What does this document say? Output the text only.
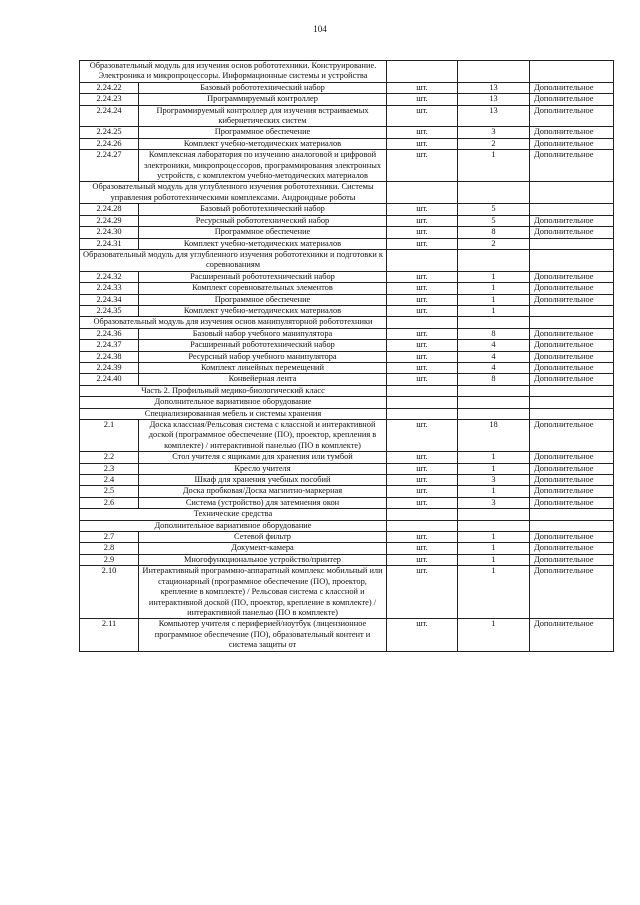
104
Образовательный модуль для изучения основ робототехники. Конструирование. Электроника и микропроцессоры. Информационные системы и устройства				
2.24.22	Базовый робототехнический набор	шт.	13	Дополнительное
2.24.23	Программируемый контроллер	шт.	13	Дополнительное
2.24.24	Программируемый контроллер для изучения встраиваемых кибернетических систем	шт.	13	Дополнительное
2.24.25	Программное обеспечение	шт.	3	Дополнительное
2.24.26	Комплект учебно-методических материалов	шт.	2	Дополнительное
2.24.27	Комплексная лаборатория по изучению аналоговой и цифровой электроники, микропроцессоров, программирования электронных устройств, с комплектом учебно-методических материалов	шт.	1	Дополнительное
Образовательный модуль для углубленного изучения робототехники. Системы управления робототехническими комплексами. Андроидные роботы				
2.24.28	Базовый робототехнический набор	шт.	5	
2.24.29	Ресурсный робототехнический набор	шт.	5	Дополнительное
2.24.30	Программное обеспечение	шт.	8	Дополнительное
2.24.31	Комплект учебно-методических материалов	шт.	2	
Образовательный модуль для углубленного изучения робототехники и подготовки к соревнованиям				
2.24.32	Расширенный робототехнический набор	шт.	1	Дополнительное
2.24.33	Комплект соревновательных элементов	шт.	1	Дополнительное
2.24.34	Программное обеспечение	шт.	1	Дополнительное
2.24.35	Комплект учебно-методических материалов	шт.	1	
Образовательный модуль для изучения основ манипуляторной робототехники				
2.24.36	Базовый набор учебного манипулятора	шт.	8	Дополнительное
2.24.37	Расширенный робототехнический набор	шт.	4	Дополнительное
2.24.38	Ресурсный набор учебного манипулятора	шт.	4	Дополнительное
2.24.39	Комплект линейных перемещений	шт.	4	Дополнительное
2.24.40	Конвейерная лента	шт.	8	Дополнительное
Часть 2. Профильный медико-биологический класс				
Дополнительное вариативное оборудование				
Специализированная мебель и системы хранения				
2.1	Доска классная/Рельсовая система с классной и интерактивной доской (программное обеспечение (ПО), проектор, крепления в комплекте) / интерактивной панелью (ПО в комплекте)	шт.	18	Дополнительное
2.2	Стол учителя с ящиками для хранения или тумбой	шт.	1	Дополнительное
2.3	Кресло учителя	шт.	1	Дополнительное
2.4	Шкаф для хранения учебных пособий	шт.	3	Дополнительное
2.5	Доска пробковая/Доска магнитно-маркерная	шт.	1	Дополнительное
2.6	Система (устройство) для затемнения окон	шт.	3	Дополнительное
Технические средства				
Дополнительное вариативное оборудование				
2.7	Сетевой фильтр	шт.	1	Дополнительное
2.8	Документ-камера	шт.	1	Дополнительное
2.9	Многофункциональное устройство/принтер	шт.	1	Дополнительное
2.10	Интерактивный программно-аппаратный комплекс мобильный или стационарный (программное обеспечение (ПО), проектор, крепление в комплекте) / Рельсовая система с классной и интерактивной доской (ПО, проектор, крепление в комплекте) / интерактивной панелью (ПО в комплекте)	шт.	1	Дополнительное
2.11	Компьютер учителя с периферией/ноутбук (лицензионное программное обеспечение (ПО), образовательный контент и система защиты от	шт.	1	Дополнительное
